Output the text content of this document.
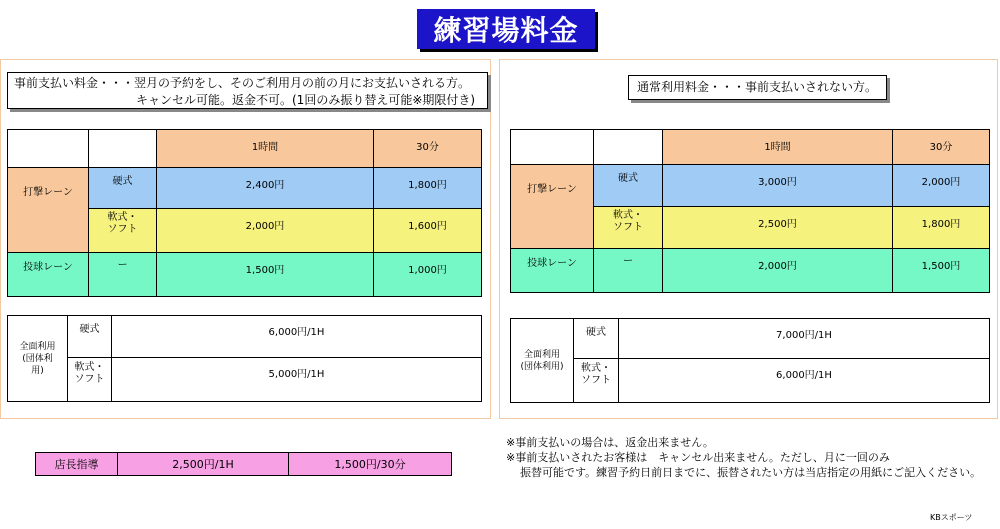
練習場料金
事前支払い料金・・・翌月の予約をし、そのご利用月の前の月にお支払いされる方。
キャンセル可能。返金不可。(1回のみ振り替え可能※期限付き)

		1時間	30分

打撃レーン	硬式	2,400円	1,800円

	軟式・
ソフト	2,000円	1,600円

投球レーン	ー	1,500円	1,000円
全面利用
(団体利
用)	硬式	6,000円/1H

	軟式・
ソフト	5,000円/1H
通常利用料金・・・事前支払いされない方。

		1時間	30分

打撃レーン	硬式	3,000円	2,000円

	軟式・
ソフト	2,500円	1,800円

投球レーン	ー	2,000円	1,500円
全面利用
(団体利用)	硬式	7,000円/1H

	軟式・
ソフト	6,000円/1H
店長指導	2,500円/1H	1,500円/30分
※事前支払いの場合は、返金出来ません。
※事前支払いされたお客様は　キャンセル出来ません。ただし、月に一回のみ
振替可能です。練習予約日前日までに、振替されたい方は当店指定の用紙にご記入ください。
KBスポーツ
